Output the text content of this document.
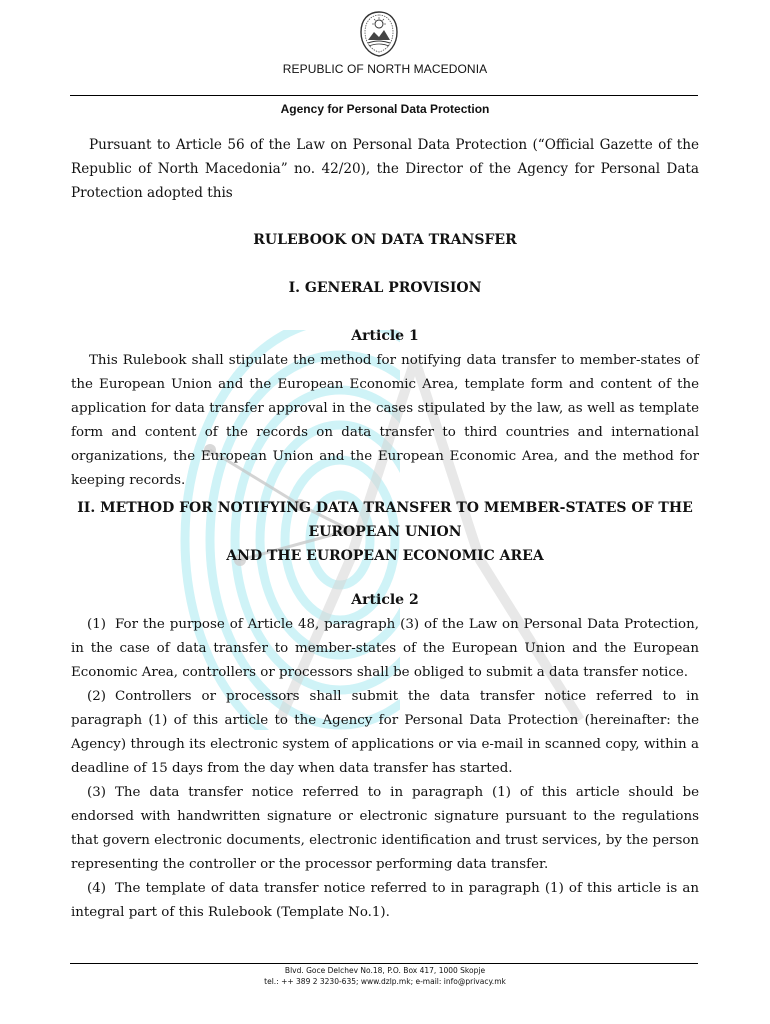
REPUBLIC OF NORTH MACEDONIA
Agency for Personal Data Protection
Pursuant to Article 56 of the Law on Personal Data Protection (“Official Gazette of the Republic of North Macedonia” no. 42/20), the Director of the Agency for Personal Data Protection adopted this
RULEBOOK ON DATA TRANSFER
I. GENERAL PROVISION
Article 1
This Rulebook shall stipulate the method for notifying data transfer to member-states of the European Union and the European Economic Area, template form and content of the application for data transfer approval in the cases stipulated by the law, as well as template form and content of the records on data transfer to third countries and international organizations, the European Union and the European Economic Area, and the method for keeping records.
II. METHOD FOR NOTIFYING DATA TRANSFER TO MEMBER-STATES OF THE EUROPEAN UNION
AND THE EUROPEAN ECONOMIC AREA
Article 2

(1) For the purpose of Article 48, paragraph (3) of the Law on Personal Data Protection, in the case of data transfer to member-states of the European Union and the European Economic Area, controllers or processors shall be obliged to submit a data transfer notice.

(2) Controllers or processors shall submit the data transfer notice referred to in paragraph (1) of this article to the Agency for Personal Data Protection (hereinafter: the Agency) through its electronic system of applications or via e-mail in scanned copy, within a deadline of 15 days from the day when data transfer has started.

(3) The data transfer notice referred to in paragraph (1) of this article should be endorsed with handwritten signature or electronic signature pursuant to the regulations that govern electronic documents, electronic identification and trust services, by the person representing the controller or the processor performing data transfer.

(4) The template of data transfer notice referred to in paragraph (1) of this article is an integral part of this Rulebook (Template No.1).

Blvd. Goce Delchev No.18, P.O. Box 417, 1000 Skopje
tel.: ++ 389 2 3230-635; www.dzlp.mk; e-mail: info@privacy.mk
